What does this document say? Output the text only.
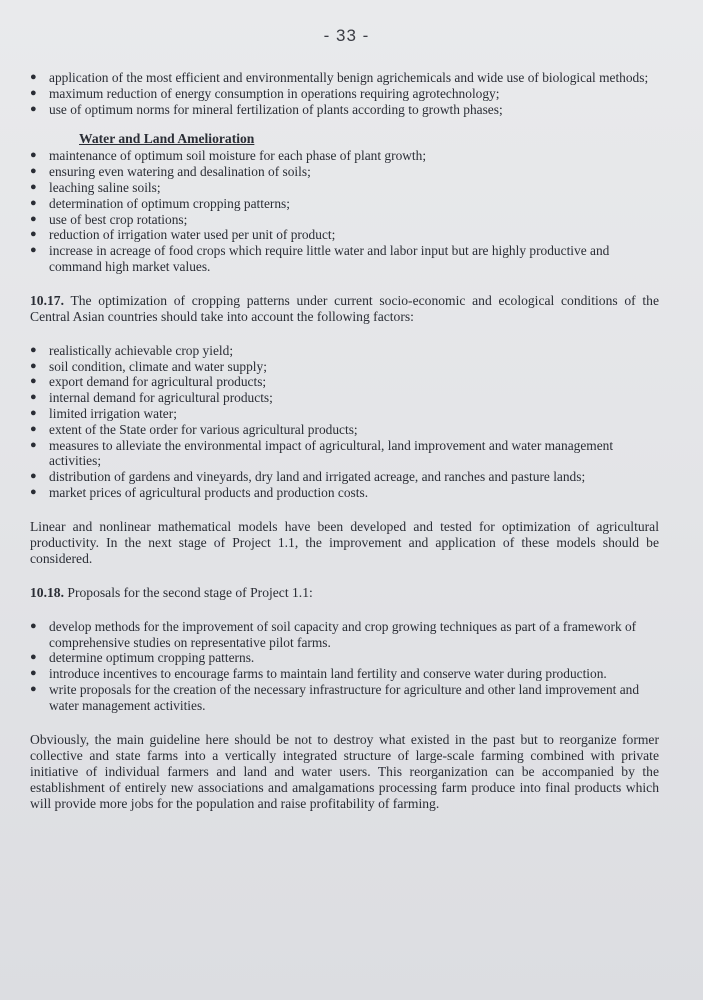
- 33 -
● application of the most efficient and environmentally benign agrichemicals and wide use of biological methods;
● maximum reduction of energy consumption in operations requiring agrotechnology;
● use of optimum norms for mineral fertilization of plants according to growth phases;
Water and Land Amelioration
● maintenance of optimum soil moisture for each phase of plant growth;
● ensuring even watering and desalination of soils;
● leaching saline soils;
● determination of optimum cropping patterns;
● use of best crop rotations;
● reduction of irrigation water used per unit of product;
● increase in acreage of food crops which require little water and labor input but are highly productive and command high market values.

10.17. The optimization of cropping patterns under current socio-economic and ecological conditions of the Central Asian countries should take into account the following factors:

● realistically achievable crop yield;
● soil condition, climate and water supply;
● export demand for agricultural products;
● internal demand for agricultural products;
● limited irrigation water;
● extent of the State order for various agricultural products;
● measures to alleviate the environmental impact of agricultural, land improvement and water management activities;
● distribution of gardens and vineyards, dry land and irrigated acreage, and ranches and pasture lands;
● market prices of agricultural products and production costs.

Linear and nonlinear mathematical models have been developed and tested for optimization of agricultural productivity. In the next stage of Project 1.1, the improvement and application of these models should be considered.

10.18. Proposals for the second stage of Project 1.1:

● develop methods for the improvement of soil capacity and crop growing techniques as part of a framework of comprehensive studies on representative pilot farms.
● determine optimum cropping patterns.
● introduce incentives to encourage farms to maintain land fertility and conserve water during production.
● write proposals for the creation of the necessary infrastructure for agriculture and other land improvement and water management activities.

Obviously, the main guideline here should be not to destroy what existed in the past but to reorganize former collective and state farms into a vertically integrated structure of large-scale farming combined with private initiative of individual farmers and land and water users. This reorganization can be accompanied by the establishment of entirely new associations and amalgamations processing farm produce into final products which will provide more jobs for the population and raise profitability of farming.
